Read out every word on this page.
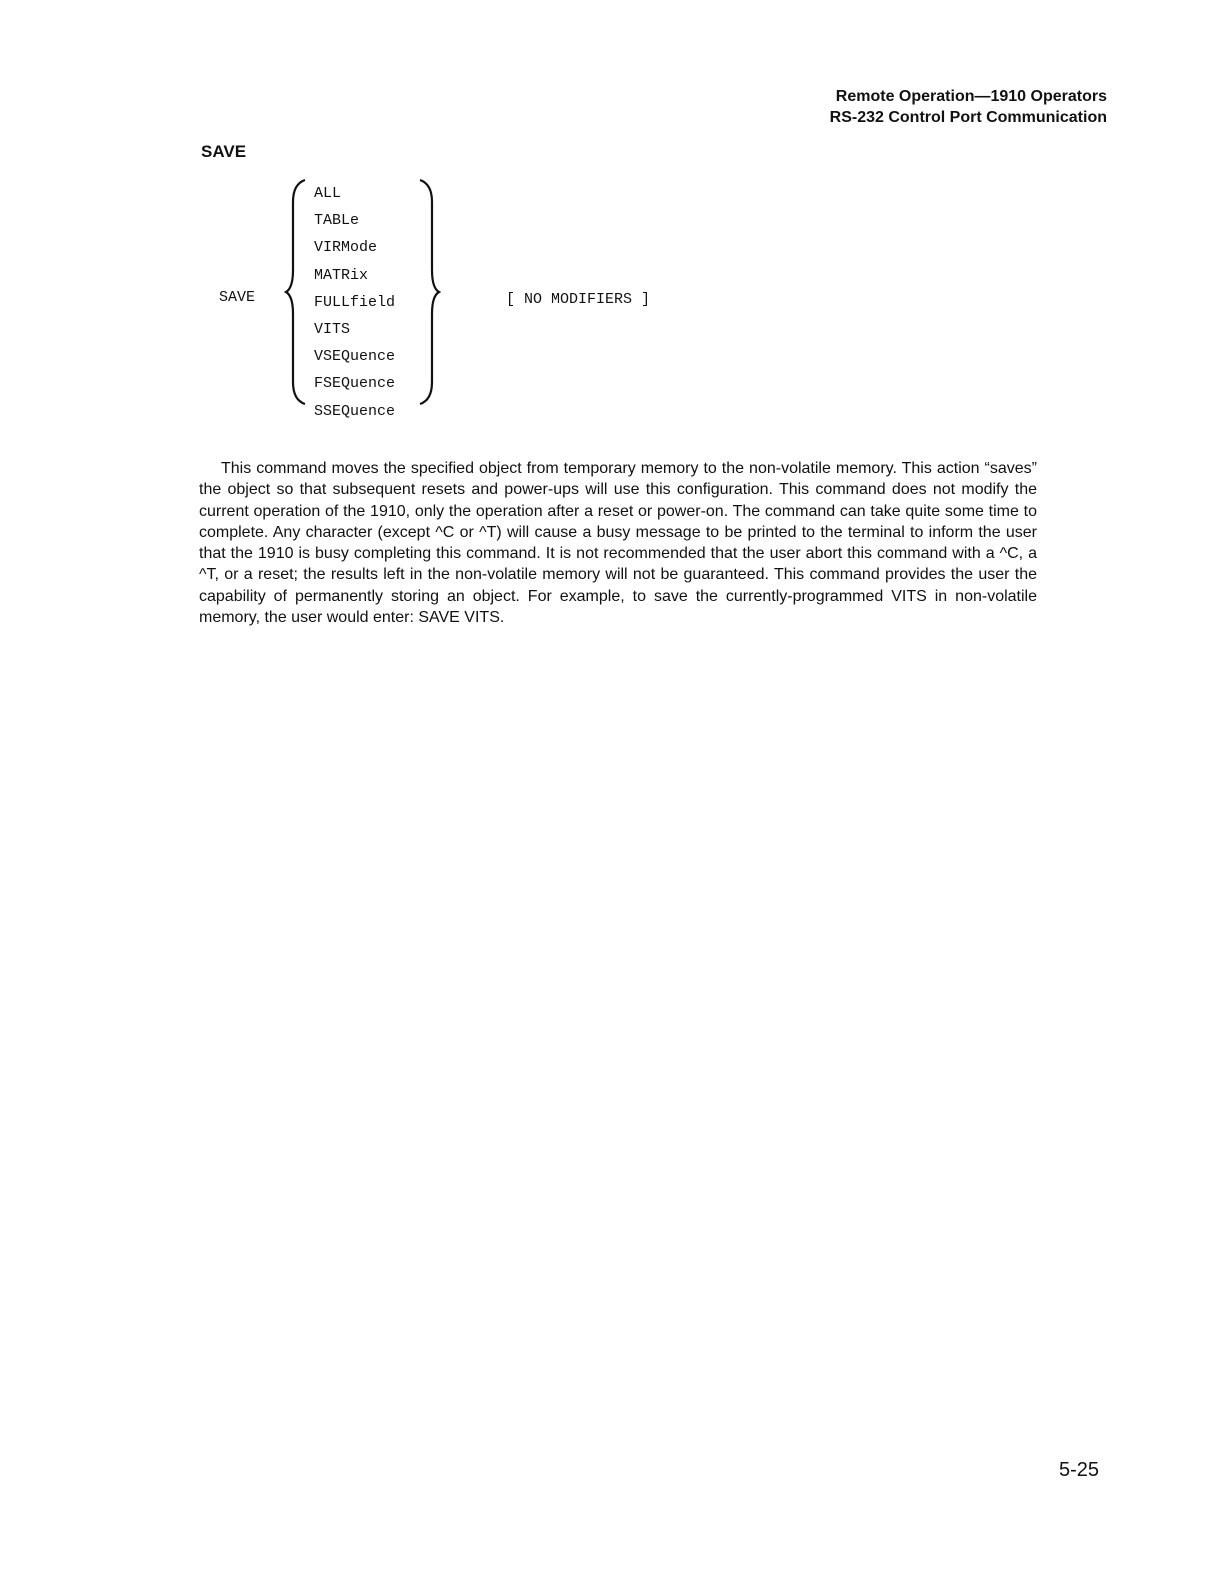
Remote Operation—1910 Operators
RS-232 Control Port Communication
SAVE
SAVE
ALL
TABLe
VIRMode
MATRix
FULLfield
VITS
VSEQuence
FSEQuence
SSEQuence
[ NO MODIFIERS ]

This command moves the specified object from temporary memory to the non-volatile memory. This action “saves” the object so that subsequent resets and power-ups will use this configuration. This command does not modify the current operation of the 1910, only the operation after a reset or power-on. The command can take quite some time to complete. Any character (except ^C or ^T) will cause a busy message to be printed to the terminal to inform the user that the 1910 is busy completing this command. It is not recommended that the user abort this command with a ^C, a ^T, or a reset; the results left in the non-volatile memory will not be guaranteed. This command provides the user the capability of permanently storing an object. For example, to save the currently-programmed VITS in non-volatile memory, the user would enter: SAVE VITS.

5-25
